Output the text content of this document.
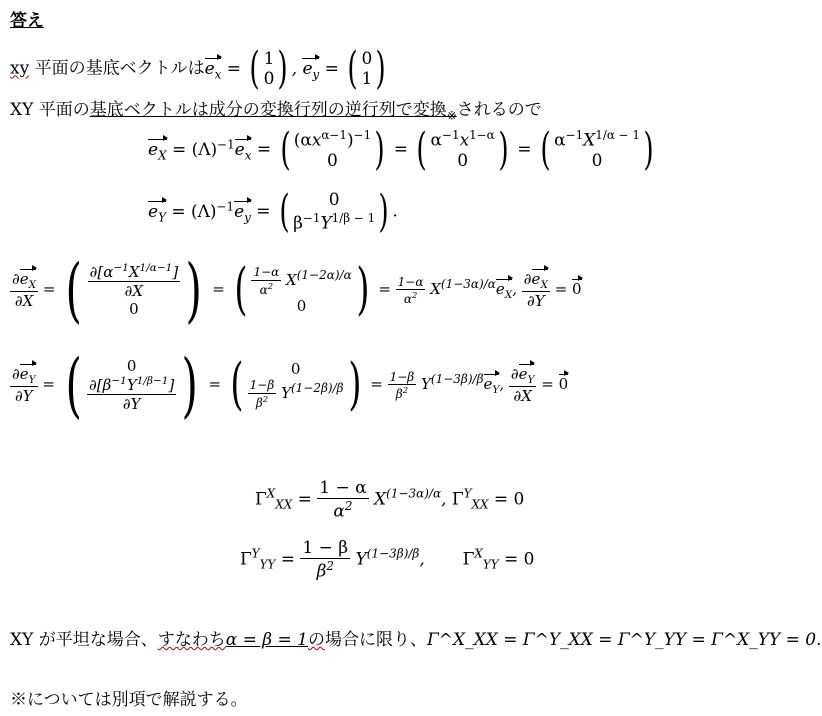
答え
xy 平面の基底ベクトルは$e_x$ = ( 1
0 ) , $e_y$ = ( 0
1 )
XY 平面の基底ベクトルは成分の変換行列の逆行列で変換$_※$されるので
$e_X = (\Lambda)^{-1}e_x$ = ( $(\alpha x^{\alpha-1})^{-1}$
0 ) = ( $\alpha^{-1}x^{1-\alpha}$
0 ) = ( $\alpha^{-1}X^{1/\alpha - 1}$
0 )
$e_Y = (\Lambda)^{-1}e_y$ = ( 0
$\beta^{-1}Y^{1/\beta - 1}$ ) .
$\frac{\partial e_X}{\partial X}$ = ( $\frac{\partial[\alpha^{-1}X^{1/\alpha-1}]}{\partial X}$
0 ) = ( $\frac{1-\alpha}{\alpha^2} X^{(1-2\alpha)/\alpha}$
0 ) = $\frac{1-\alpha}{\alpha^2} X^{(1-3\alpha)/\alpha}e_X$, $\frac{\partial e_X}{\partial Y} = 0$
$\frac{\partial e_Y}{\partial Y}$ = (	0
$\frac{\partial[\beta^{-1}Y^{1/\beta-1}]}{\partial Y}$ ) = (	0
$\frac{1-\beta}{\beta^2} Y^{(1-2\beta)/\beta}$ ) = $\frac{1-\beta}{\beta^2} Y^{(1-3\beta)/\beta}e_Y$, $\frac{\partial e_Y}{\partial X} = 0$
$\Gamma^X_{XX} = \frac{1 - \alpha}{\alpha^2} X^{(1-3\alpha)/\alpha}$, $\Gamma^Y_{XX} = 0$
$\Gamma^Y_{YY} = \frac{1 - \beta}{\beta^2} Y^{(1-3\beta)/\beta}$,       $\Gamma^X_{YY} = 0$
XY が平坦な場合、すなわちα = β = 1の場合に限り、Γ^X_XX = Γ^Y_XX = Γ^Y_YY = Γ^X_YY = 0.
※については別項で解説する。
